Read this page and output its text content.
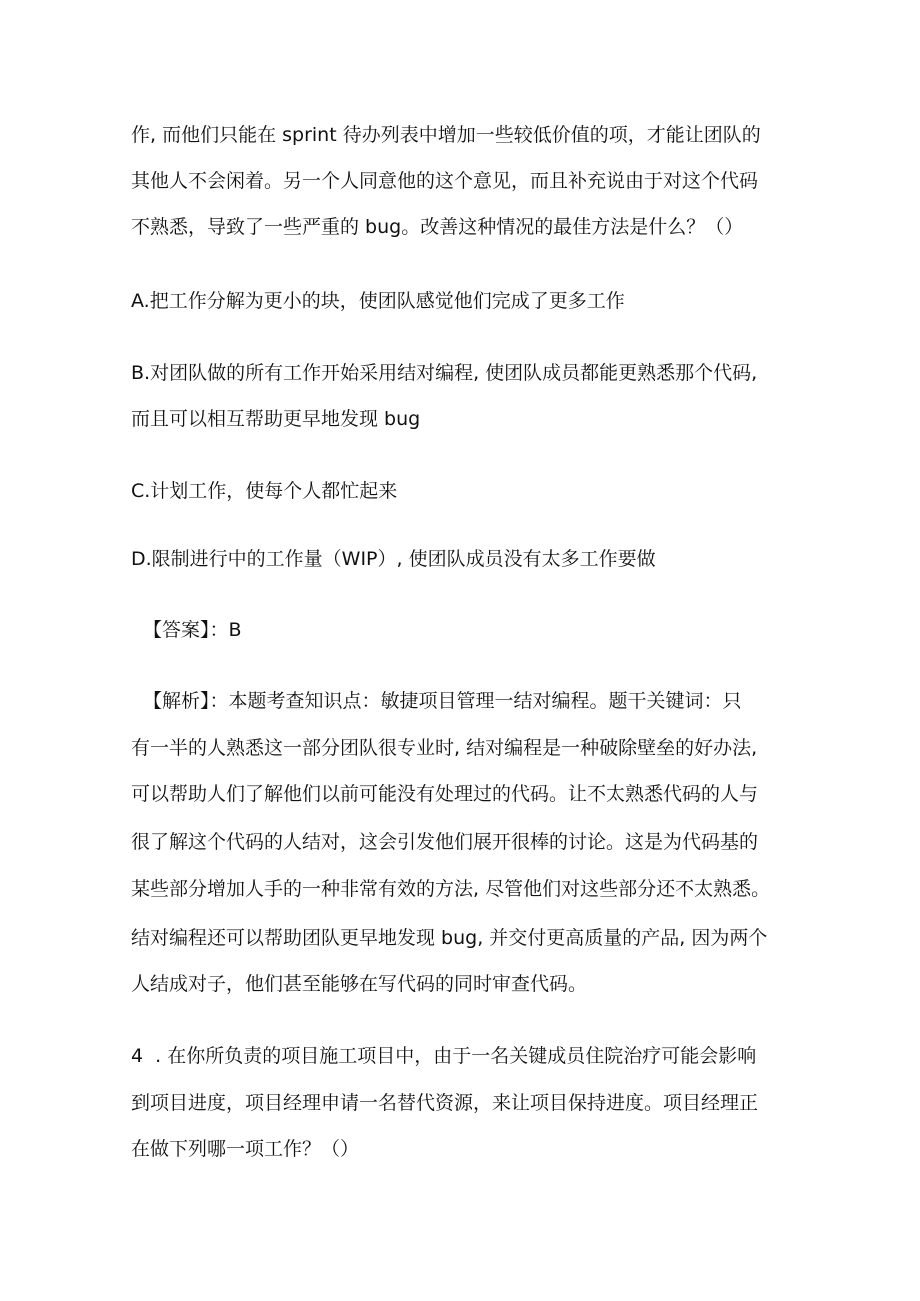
作, 而他们只能在 sprint 待办列表中增加一些较低价值的项，才能让团队的
其他人不会闲着。另一个人同意他的这个意见，而且补充说由于对这个代码
不熟悉，导致了一些严重的 bug。改善这种情况的最佳方法是什么？（）
A.把工作分解为更小的块，使团队感觉他们完成了更多工作
B.对团队做的所有工作开始采用结对编程, 使团队成员都能更熟悉那个代码,
而且可以相互帮助更早地发现 bug
C.计划工作，使每个人都忙起来
D.限制进行中的工作量（WIP）, 使团队成员没有太多工作要做
【答案】：B
【解析】：本题考查知识点：敏捷项目管理一结对编程。题干关键词：只
有一半的人熟悉这一部分团队很专业时, 结对编程是一种破除壁垒的好办法,
可以帮助人们了解他们以前可能没有处理过的代码。让不太熟悉代码的人与
很了解这个代码的人结对，这会引发他们展开很棒的讨论。这是为代码基的
某些部分增加人手的一种非常有效的方法, 尽管他们对这些部分还不太熟悉。
结对编程还可以帮助团队更早地发现 bug, 并交付更高质量的产品, 因为两个
人结成对子，他们甚至能够在写代码的同时审查代码。
4  . 在你所负责的项目施工项目中，由于一名关键成员住院治疗可能会影响
到项目进度，项目经理申请一名替代资源，来让项目保持进度。项目经理正
在做下列哪一项工作？（）
